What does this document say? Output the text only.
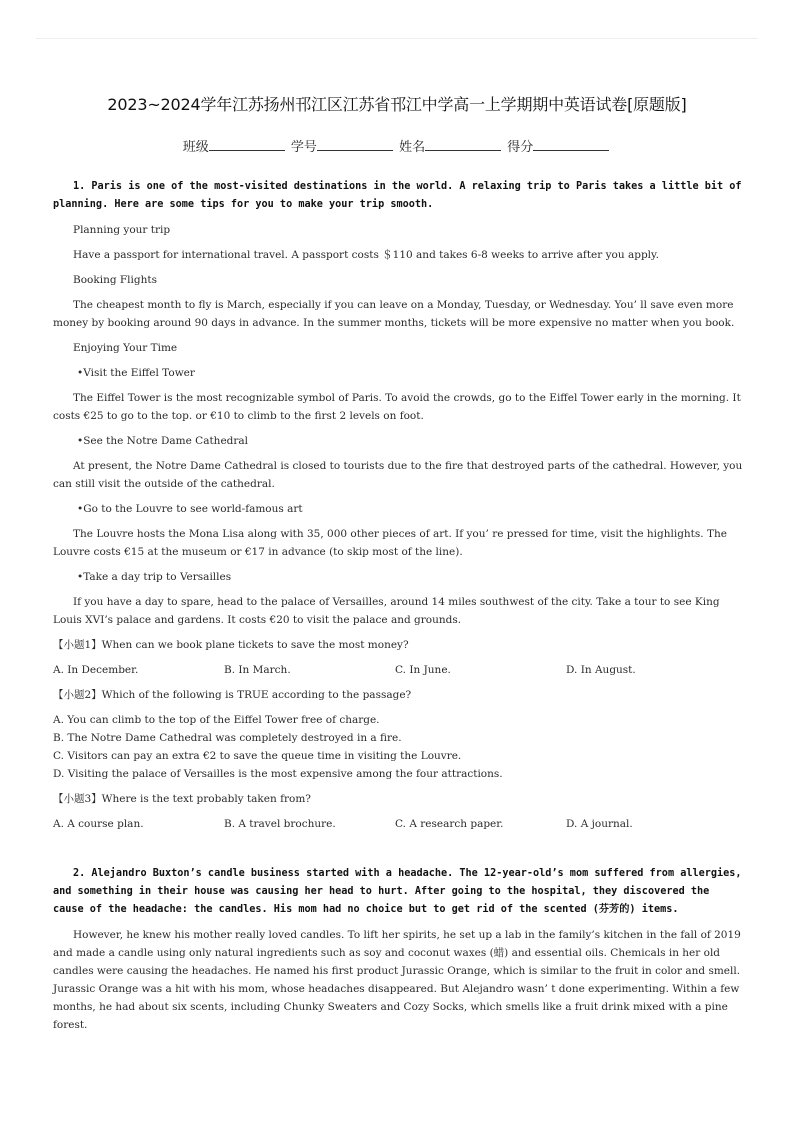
2023~2024学年江苏扬州邗江区江苏省邗江中学高一上学期期中英语试卷[原题版]
班级	学号	姓名	得分

1. Paris is one of the most-visited destinations in the world. A relaxing trip to Paris takes a little bit of planning. Here are some tips for you to make your trip smooth.

Planning your trip

Have a passport for international travel. A passport costs ＄110 and takes 6-8 weeks to arrive after you apply.

Booking Flights

The cheapest month to fly is March, especially if you can leave on a Monday, Tuesday, or Wednesday. You’ ll save even more money by booking around 90 days in advance. In the summer months, tickets will be more expensive no matter when you book.

Enjoying Your Time

•Visit the Eiffel Tower

The Eiffel Tower is the most recognizable symbol of Paris. To avoid the crowds, go to the Eiffel Tower early in the morning. It costs €25 to go to the top. or €10 to climb to the first 2 levels on foot.

•See the Notre Dame Cathedral

At present, the Notre Dame Cathedral is closed to tourists due to the fire that destroyed parts of the cathedral. However, you can still visit the outside of the cathedral.

•Go to the Louvre to see world-famous art

The Louvre hosts the Mona Lisa along with 35, 000 other pieces of art. If you’ re pressed for time, visit the highlights. The Louvre costs €15 at the museum or €17 in advance (to skip most of the line).

•Take a day trip to Versailles

If you have a day to spare, head to the palace of Versailles, around 14 miles southwest of the city. Take a tour to see King Louis XVI’s palace and gardens. It costs €20 to visit the palace and grounds.

【小题1】When can we book plane tickets to save the most money?

A. In December.	B. In March.	C. In June.	D. In August.

【小题2】Which of the following is TRUE according to the passage?

A. You can climb to the top of the Eiffel Tower free of charge.

B. The Notre Dame Cathedral was completely destroyed in a fire.

C. Visitors can pay an extra €2 to save the queue time in visiting the Louvre.

D. Visiting the palace of Versailles is the most expensive among the four attractions.

【小题3】Where is the text probably taken from?

A. A course plan.	B. A travel brochure.	C. A research paper.	D. A journal.

2. Alejandro Buxton’s candle business started with a headache. The 12-year-old’s mom suffered from allergies, and something in their house was causing her head to hurt. After going to the hospital, they discovered the cause of the headache: the candles. His mom had no choice but to get rid of the scented (芬芳的) items.

However, he knew his mother really loved candles. To lift her spirits, he set up a lab in the family’s kitchen in the fall of 2019 and made a candle using only natural ingredients such as soy and coconut waxes (蜡) and essential oils. Chemicals in her old candles were causing the headaches. He named his first product Jurassic Orange, which is similar to the fruit in color and smell. Jurassic Orange was a hit with his mom, whose headaches disappeared. But Alejandro wasn’ t done experimenting. Within a few months, he had about six scents, including Chunky Sweaters and Cozy Socks, which smells like a fruit drink mixed with a pine forest.
